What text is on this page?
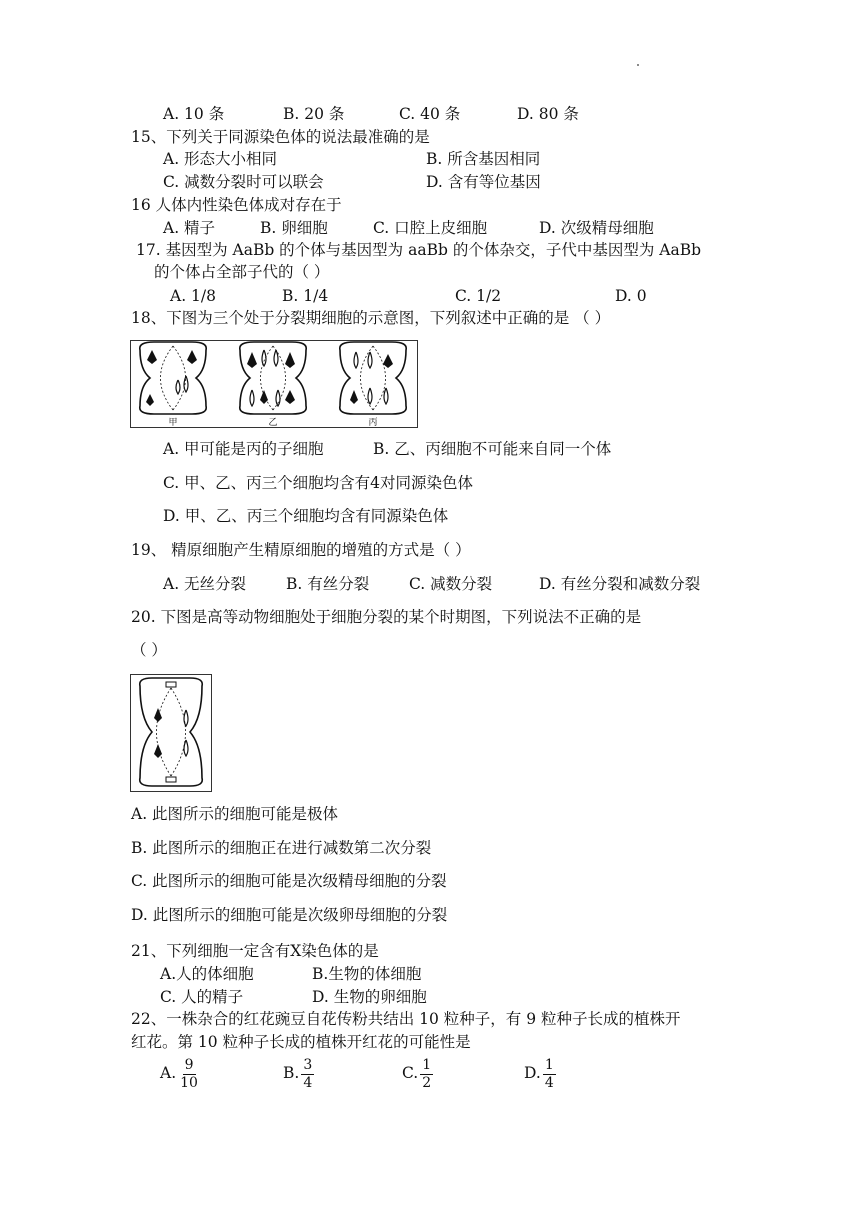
A. 10 条	B. 20 条	C. 40 条	D. 80 条
15、下列关于同源染色体的说法最准确的是
A. 形态大小相同	B. 所含基因相同
C. 减数分裂时可以联会	D. 含有等位基因
16 人体内性染色体成对存在于
A. 精子	B. 卵细胞	C. 口腔上皮细胞	D. 次级精母细胞
17. 基因型为 AaBb 的个体与基因型为 aaBb 的个体杂交，子代中基因型为 AaBb
的个体占全部子代的（ ）
A. 1/8	B. 1/4	C. 1/2	D. 0
18、下图为三个处于分裂期细胞的示意图，下列叙述中正确的是 （ ）
甲	乙	丙
A. 甲可能是丙的子细胞	B. 乙、丙细胞不可能来自同一个体
C. 甲、乙、丙三个细胞均含有4对同源染色体
D. 甲、乙、丙三个细胞均含有同源染色体
19、 精原细胞产生精原细胞的增殖的方式是（ ）
A. 无丝分裂	B. 有丝分裂	C. 减数分裂	D. 有丝分裂和减数分裂
20. 下图是高等动物细胞处于细胞分裂的某个时期图，下列说法不正确的是
（ ）
A. 此图所示的细胞可能是极体
B. 此图所示的细胞正在进行减数第二次分裂
C. 此图所示的细胞可能是次级精母细胞的分裂
D. 此图所示的细胞可能是次级卵母细胞的分裂
21、下列细胞一定含有X染色体的是
A.人的体细胞	B.生物的体细胞
C. 人的精子	D. 生物的卵细胞
22、一株杂合的红花豌豆自花传粉共结出 10 粒种子，有 9 粒种子长成的植株开
红花。第 10 粒种子长成的植株开红花的可能性是
A. $\frac{9}{10}$	B. $\frac{3}{4}$	C. $\frac{1}{2}$	D. $\frac{1}{4}$
